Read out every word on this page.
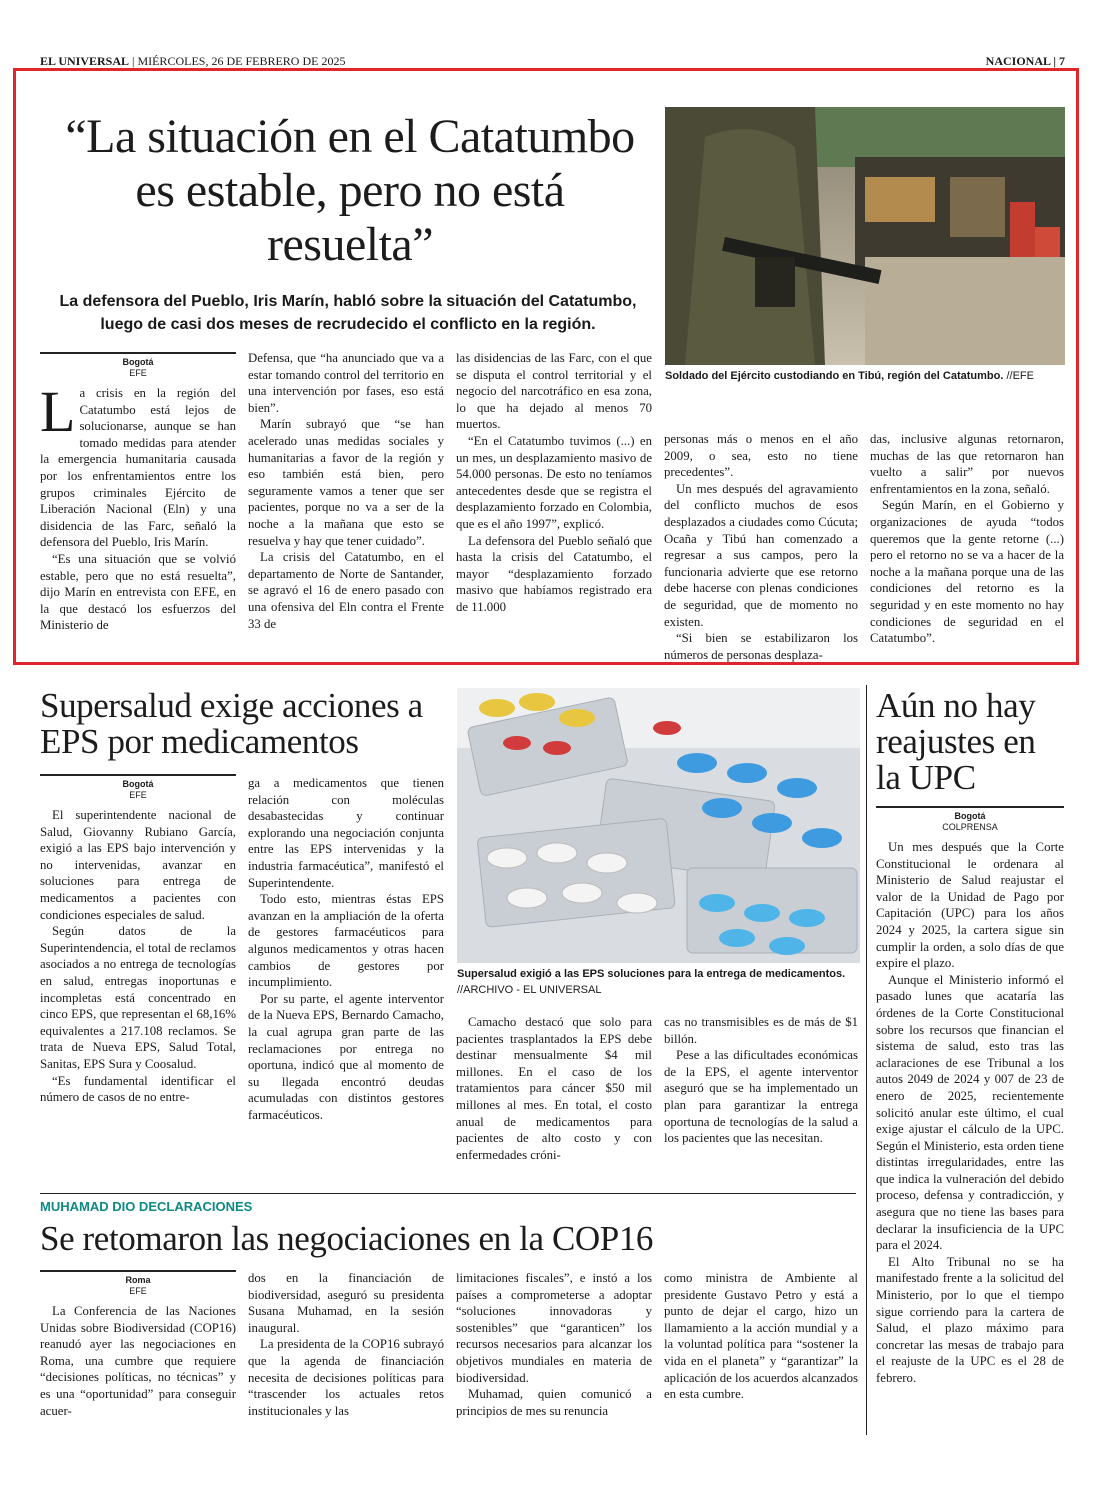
EL UNIVERSAL | MIÉRCOLES, 26 DE FEBRERO DE 2025	NACIONAL | 7
“La situación en el Catatumbo es estable, pero no está resuelta”
La defensora del Pueblo, Iris Marín, habló sobre la situación del Catatumbo, luego de casi dos meses de recrudecido el conflicto en la región.
Soldado del Ejército custodiando en Tibú, región del Catatumbo. //EFE
Bogotá
EFE

La crisis en la región del Catatumbo está lejos de solucionarse, aunque se han tomado medidas para atender la emergencia humanitaria causada por los enfrentamientos entre los grupos criminales Ejército de Liberación Nacional (Eln) y una disidencia de las Farc, señaló la defensora del Pueblo, Iris Marín.

“Es una situación que se volvió estable, pero que no está resuelta”, dijo Marín en entrevista con EFE, en la que destacó los esfuerzos del Ministerio de

Defensa, que “ha anunciado que va a estar tomando control del territorio en una intervención por fases, eso está bien”.

Marín subrayó que “se han acelerado unas medidas sociales y humanitarias a favor de la región y eso también está bien, pero seguramente vamos a tener que ser pacientes, porque no va a ser de la noche a la mañana que esto se resuelva y hay que tener cuidado”.

La crisis del Catatumbo, en el departamento de Norte de Santander, se agravó el 16 de enero pasado con una ofensiva del Eln contra el Frente 33 de

las disidencias de las Farc, con el que se disputa el control territorial y el negocio del narcotráfico en esa zona, lo que ha dejado al menos 70 muertos.

“En el Catatumbo tuvimos (...) en un mes, un desplazamiento masivo de 54.000 personas. De esto no teníamos antecedentes desde que se registra el desplazamiento forzado en Colombia, que es el año 1997”, explicó.

La defensora del Pueblo señaló que hasta la crisis del Catatumbo, el mayor “desplazamiento forzado masivo que habíamos registrado era de 11.000

personas más o menos en el año 2009, o sea, esto no tiene precedentes”.

Un mes después del agravamiento del conflicto muchos de esos desplazados a ciudades como Cúcuta; Ocaña y Tibú han comenzado a regresar a sus campos, pero la funcionaria advierte que ese retorno debe hacerse con plenas condiciones de seguridad, que de momento no existen.

“Si bien se estabilizaron los números de personas desplaza-

das, inclusive algunas retornaron, muchas de las que retornaron han vuelto a salir” por nuevos enfrentamientos en la zona, señaló.

Según Marín, en el Gobierno y organizaciones de ayuda “todos queremos que la gente retorne (...) pero el retorno no se va a hacer de la noche a la mañana porque una de las condiciones del retorno es la seguridad y en este momento no hay condiciones de seguridad en el Catatumbo”.

Supersalud exige acciones a EPS por medicamentos
Supersalud exigió a las EPS soluciones para la entrega de medicamentos. //ARCHIVO - EL UNIVERSAL
Bogotá
EFE

El superintendente nacional de Salud, Giovanny Rubiano García, exigió a las EPS bajo intervención y no intervenidas, avanzar en soluciones para entrega de medicamentos a pacientes con condiciones especiales de salud.

Según datos de la Superintendencia, el total de reclamos asociados a no entrega de tecnologías en salud, entregas inoportunas e incompletas está concentrado en cinco EPS, que representan el 68,16% equivalentes a 217.108 reclamos. Se trata de Nueva EPS, Salud Total, Sanitas, EPS Sura y Coosalud.

“Es fundamental identificar el número de casos de no entre-

ga a medicamentos que tienen relación con moléculas desabastecidas y continuar explorando una negociación conjunta entre las EPS intervenidas y la industria farmacéutica”, manifestó el Superintendente.

Todo esto, mientras éstas EPS avanzan en la ampliación de la oferta de gestores farmacéuticos para algunos medicamentos y otras hacen cambios de gestores por incumplimiento.

Por su parte, el agente interventor de la Nueva EPS, Bernardo Camacho, la cual agrupa gran parte de las reclamaciones por entrega no oportuna, indicó que al momento de su llegada encontró deudas acumuladas con distintos gestores farmacéuticos.

Camacho destacó que solo para pacientes trasplantados la EPS debe destinar mensualmente $4 mil millones. En el caso de los tratamientos para cáncer $50 mil millones al mes. En total, el costo anual de medicamentos para pacientes de alto costo y con enfermedades cróni-

cas no transmisibles es de más de $1 billón.

Pese a las dificultades económicas de la EPS, el agente interventor aseguró que se ha implementado un plan para garantizar la entrega oportuna de tecnologías de la salud a los pacientes que las necesitan.

Aún no hay reajustes en la UPC
Bogotá
COLPRENSA

Un mes después que la Corte Constitucional le ordenara al Ministerio de Salud reajustar el valor de la Unidad de Pago por Capitación (UPC) para los años 2024 y 2025, la cartera sigue sin cumplir la orden, a solo días de que expire el plazo.

Aunque el Ministerio informó el pasado lunes que acataría las órdenes de la Corte Constitucional sobre los recursos que financian el sistema de salud, esto tras las aclaraciones de ese Tribunal a los autos 2049 de 2024 y 007 de 23 de enero de 2025, recientemente solicitó anular este último, el cual exige ajustar el cálculo de la UPC. Según el Ministerio, esta orden tiene distintas irregularidades, entre las que indica la vulneración del debido proceso, defensa y contradicción, y asegura que no tiene las bases para declarar la insuficiencia de la UPC para el 2024.

El Alto Tribunal no se ha manifestado frente a la solicitud del Ministerio, por lo que el tiempo sigue corriendo para la cartera de Salud, el plazo máximo para concretar las mesas de trabajo para el reajuste de la UPC es el 28 de febrero.

MUHAMAD DIO DECLARACIONES
Se retomaron las negociaciones en la COP16
Roma
EFE

La Conferencia de las Naciones Unidas sobre Biodiversidad (COP16) reanudó ayer las negociaciones en Roma, una cumbre que requiere “decisiones políticas, no técnicas” y es una “oportunidad” para conseguir acuer-

dos en la financiación de biodiversidad, aseguró su presidenta Susana Muhamad, en la sesión inaugural.

La presidenta de la COP16 subrayó que la agenda de financiación necesita de decisiones políticas para “trascender los actuales retos institucionales y las

limitaciones fiscales”, e instó a los países a comprometerse a adoptar “soluciones innovadoras y sostenibles” que “garanticen” los recursos necesarios para alcanzar los objetivos mundiales en materia de biodiversidad.

Muhamad, quien comunicó a principios de mes su renuncia

como ministra de Ambiente al presidente Gustavo Petro y está a punto de dejar el cargo, hizo un llamamiento a la acción mundial y a la voluntad política para “sostener la vida en el planeta” y “garantizar” la aplicación de los acuerdos alcanzados en esta cumbre.
